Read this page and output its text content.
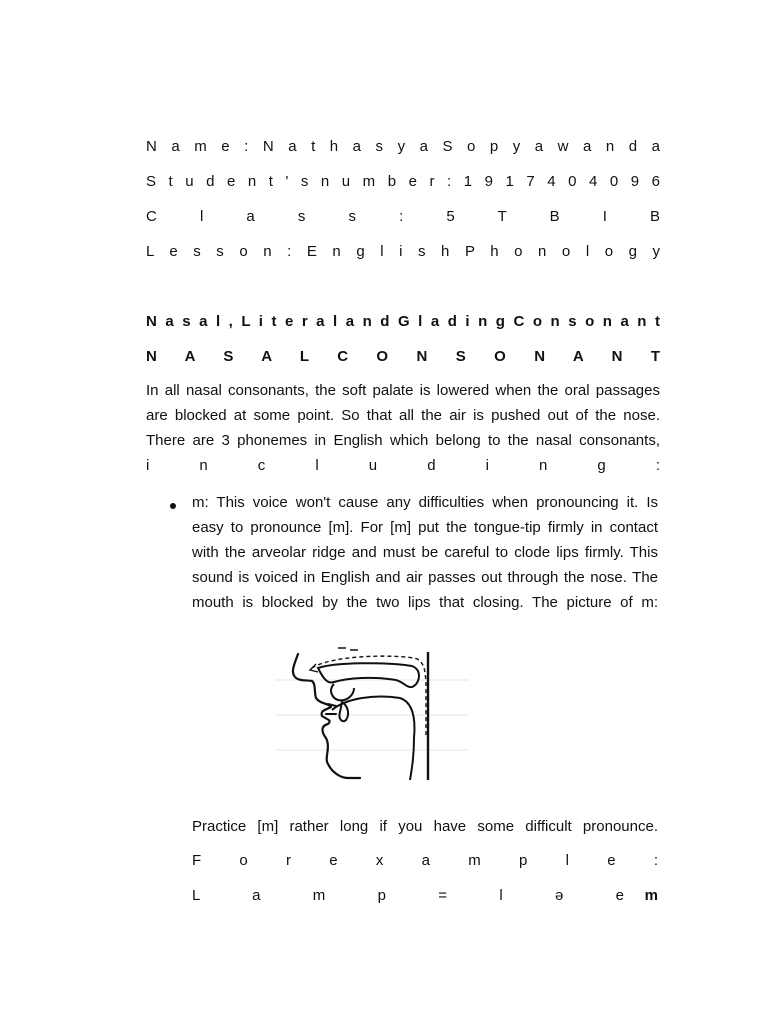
N a m e : N a t h a s y a S o p y a w a n d a
S t u d e n t ' s n u m b e r : 1 9 1 7 4 0 4 0 9 6
C l a s s : 5 T B I B
L e s s o n : E n g l i s h P h o n o l o g y
N a s a l , L i t e r a l a n d G l a d i n g C o n s o n a n t
N A S A L C O N S O N A N T
In all nasal consonants, the soft palate is lowered when the oral passages
are blocked at some point. So that all the air is pushed out of the nose.
There are 3 phonemes in English which belong to the nasal consonants,
i n c l u d i n g :
m: This voice won't cause any difficulties when pronouncing it. Is
easy to pronounce [m]. For [m] put the tongue-tip firmly in contact
with the arveolar ridge and must be careful to clode lips firmly. This
sound is voiced in English and air passes out through the nose. The
mouth is blocked by the two lips that closing. The picture of m:
Practice [m] rather long if you have some difficult pronounce.
F o r e x a m p l e :
L a m p = l ə e m
